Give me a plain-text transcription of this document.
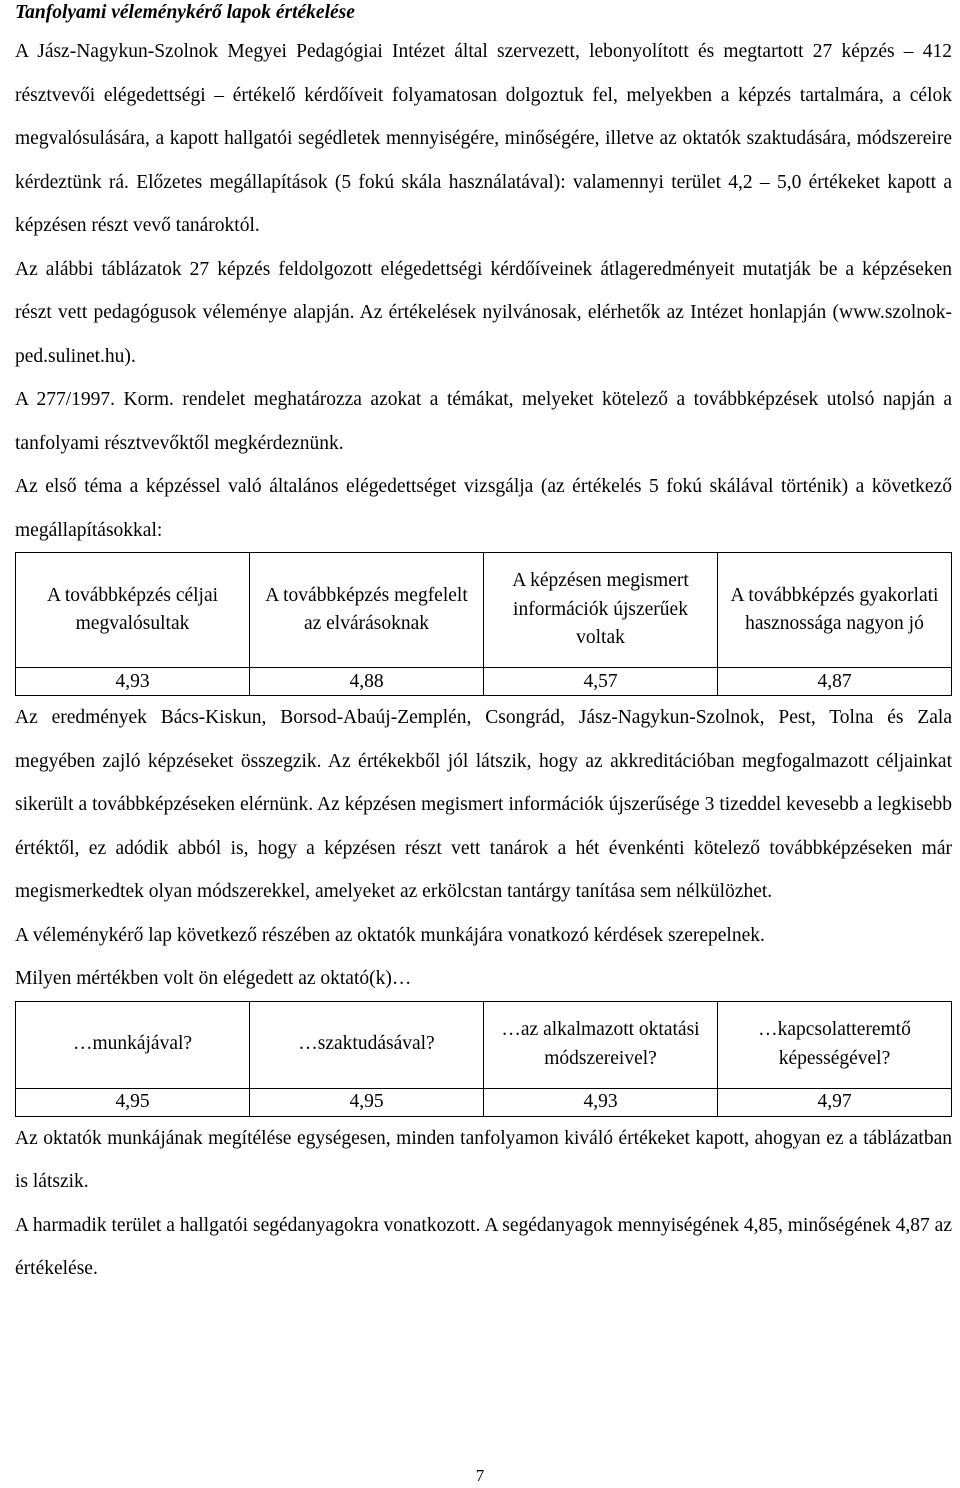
Tanfolyami véleménykérő lapok értékelése

A Jász-Nagykun-Szolnok Megyei Pedagógiai Intézet által szervezett, lebonyolított és megtartott 27 képzés – 412 résztvevői elégedettségi – értékelő kérdőíveit folyamatosan dolgoztuk fel, melyekben a képzés tartalmára, a célok megvalósulására, a kapott hallgatói segédletek mennyiségére, minőségére, illetve az oktatók szaktudására, módszereire kérdeztünk rá. Előzetes megállapítások (5 fokú skála használatával): valamennyi terület 4,2 – 5,0 értékeket kapott a képzésen részt vevő tanároktól.

Az alábbi táblázatok 27 képzés feldolgozott elégedettségi kérdőíveinek átlageredményeit mutatják be a képzéseken részt vett pedagógusok véleménye alapján. Az értékelések nyilvánosak, elérhetők az Intézet honlapján (www.szolnok-ped.sulinet.hu).

A 277/1997. Korm. rendelet meghatározza azokat a témákat, melyeket kötelező a továbbképzések utolsó napján a tanfolyami résztvevőktől megkérdeznünk.

Az első téma a képzéssel való általános elégedettséget vizsgálja (az értékelés 5 fokú skálával történik) a következő megállapításokkal:

A továbbképzés céljai megvalósultak	A továbbképzés megfelelt az elvárásoknak	A képzésen megismert információk újszerűek voltak	A továbbképzés gyakorlati hasznossága nagyon jó
4,93	4,88	4,57	4,87

Az eredmények Bács-Kiskun, Borsod-Abaúj-Zemplén, Csongrád, Jász-Nagykun-Szolnok, Pest, Tolna és Zala megyében zajló képzéseket összegzik. Az értékekből jól látszik, hogy az akkreditációban megfogalmazott céljainkat sikerült a továbbképzéseken elérnünk. Az képzésen megismert információk újszerűsége 3 tizeddel kevesebb a legkisebb értéktől, ez adódik abból is, hogy a képzésen részt vett tanárok a hét évenkénti kötelező továbbképzéseken már megismerkedtek olyan módszerekkel, amelyeket az erkölcstan tantárgy tanítása sem nélkülözhet.

A véleménykérő lap következő részében az oktatók munkájára vonatkozó kérdések szerepelnek.

Milyen mértékben volt ön elégedett az oktató(k)…

…munkájával?	…szaktudásával?	…az alkalmazott oktatási módszereivel?	…kapcsolatteremtő képességével?
4,95	4,95	4,93	4,97

Az oktatók munkájának megítélése egységesen, minden tanfolyamon kiváló értékeket kapott, ahogyan ez a táblázatban is látszik.

A harmadik terület a hallgatói segédanyagokra vonatkozott. A segédanyagok mennyiségének 4,85, minőségének 4,87 az értékelése.

7
